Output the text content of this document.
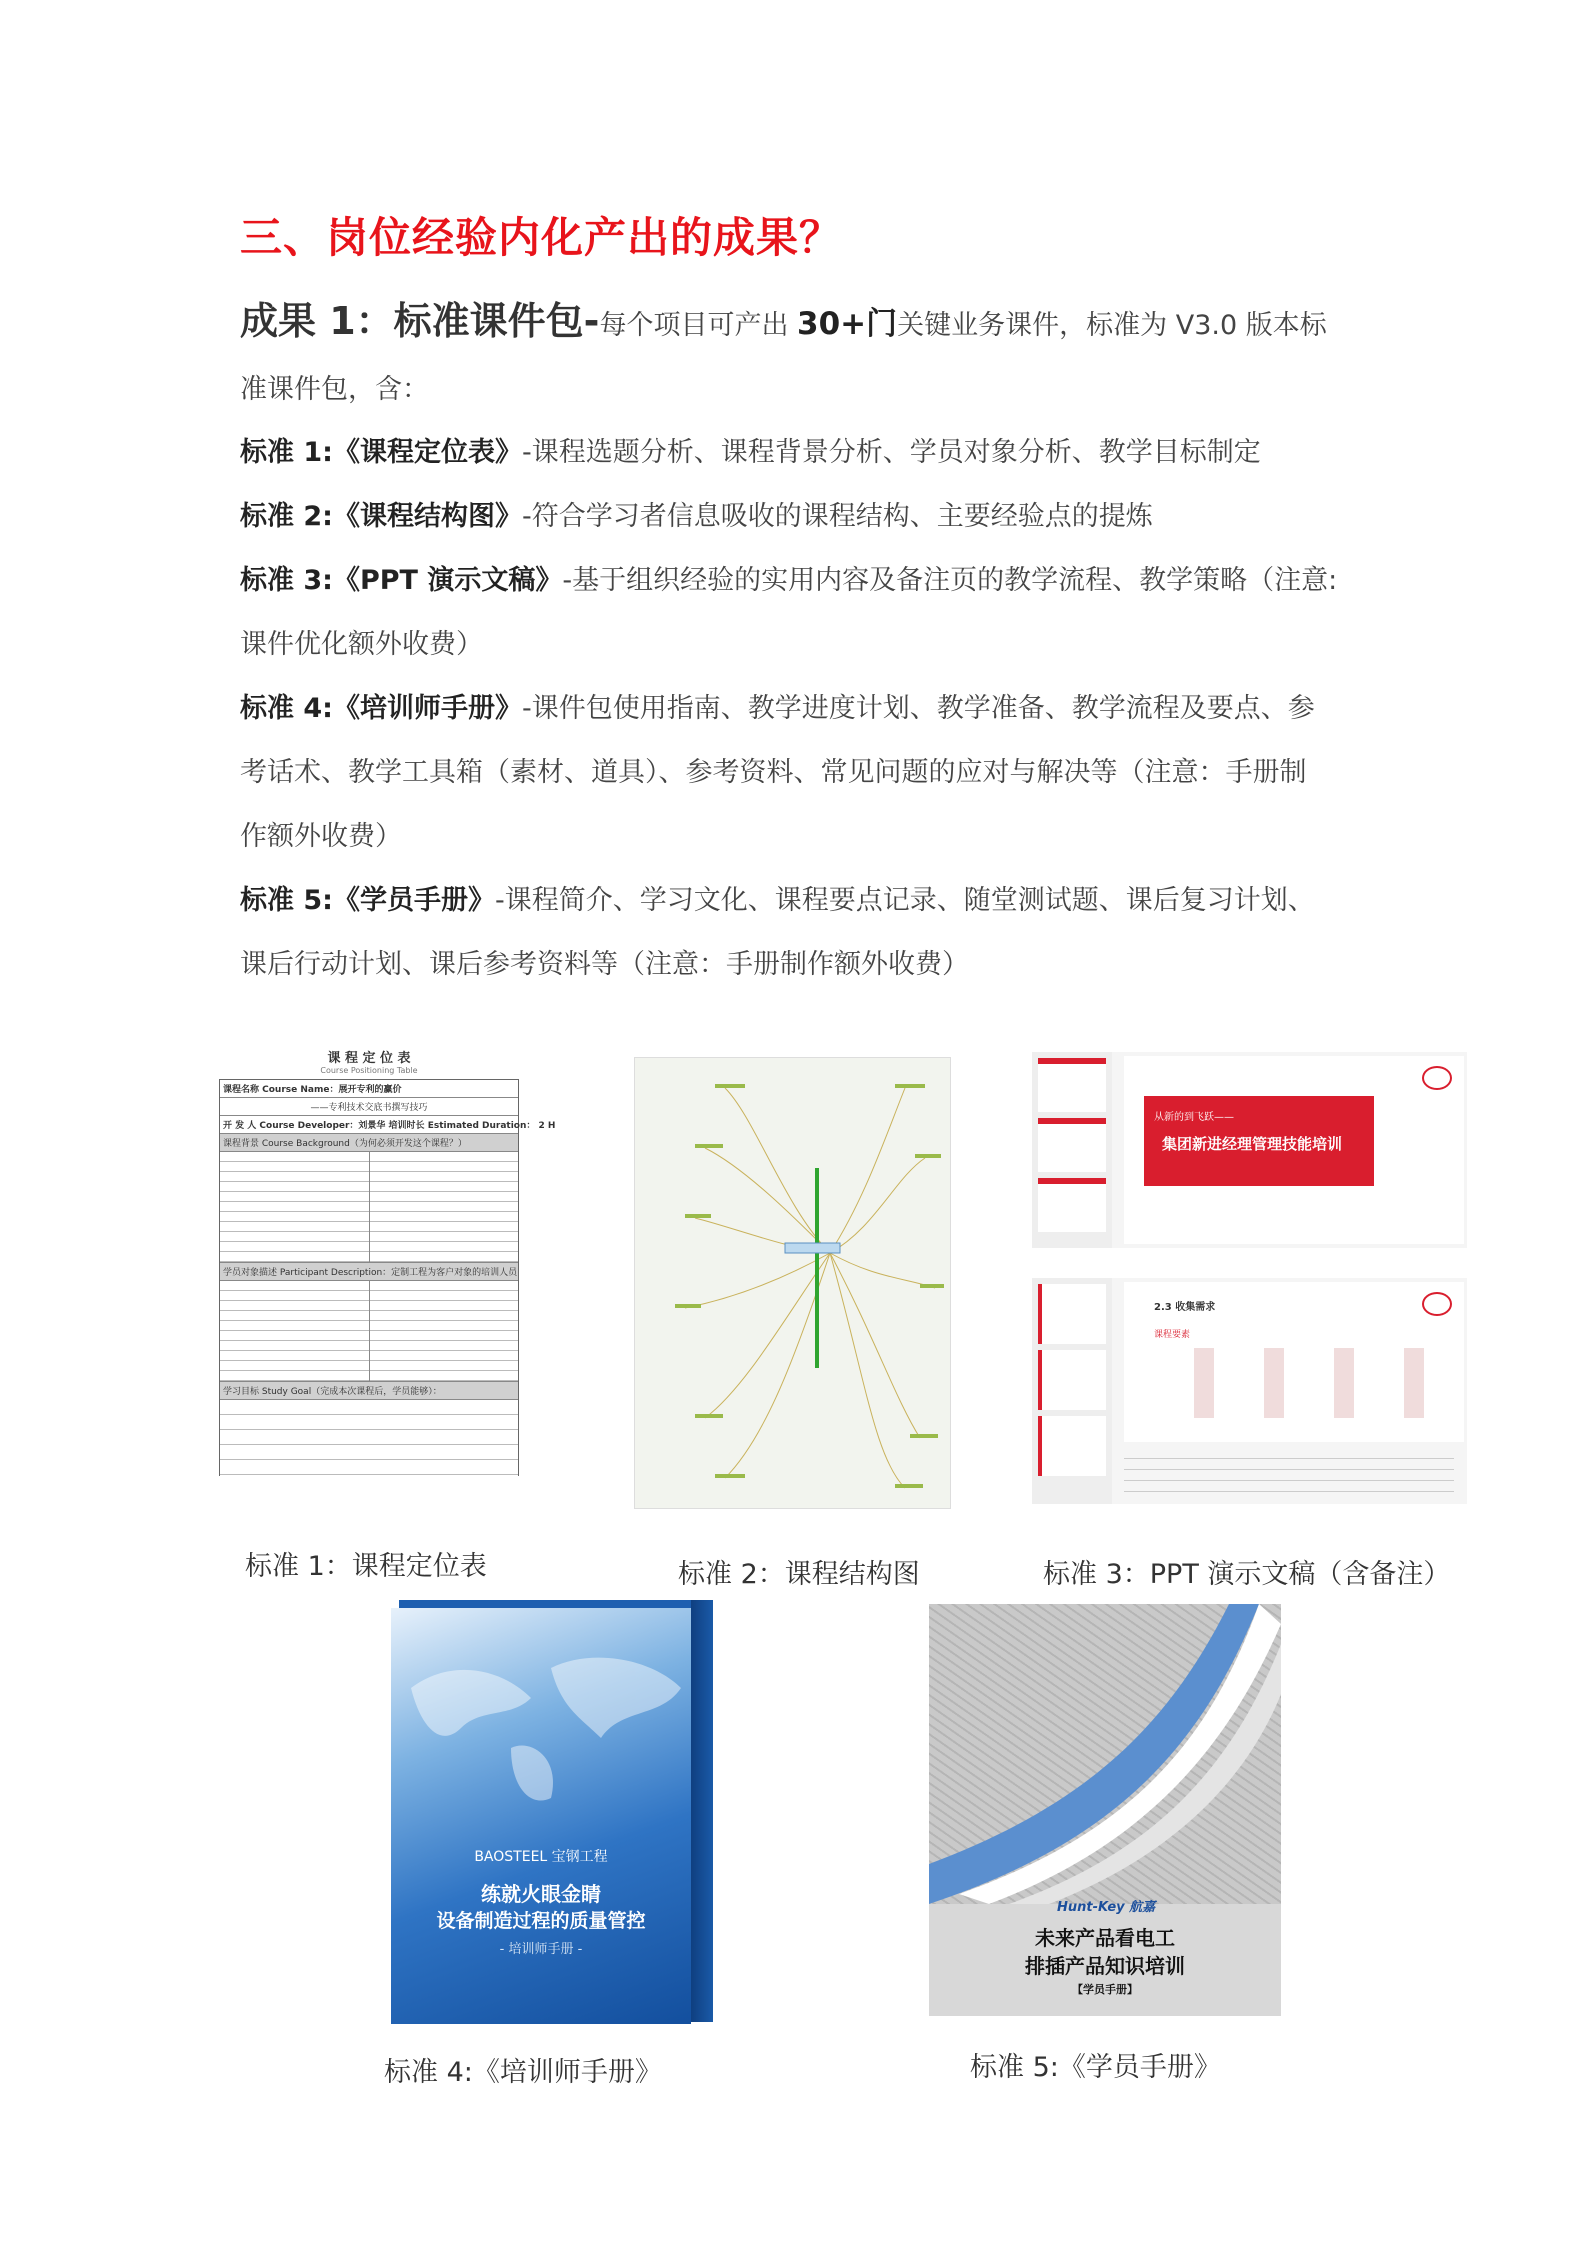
三、岗位经验内化产出的成果？
成果 1：标准课件包-每个项目可产出 30+门关键业务课件，标准为 V3.0 版本标
准课件包，含：
标准 1:《课程定位表》-课程选题分析、课程背景分析、学员对象分析、教学目标制定
标准 2:《课程结构图》-符合学习者信息吸收的课程结构、主要经验点的提炼
标准 3:《PPT 演示文稿》-基于组织经验的实用内容及备注页的教学流程、教学策略（注意:
课件优化额外收费）
标准 4:《培训师手册》-课件包使用指南、教学进度计划、教学准备、教学流程及要点、参
考话术、教学工具箱（素材、道具）、参考资料、常见问题的应对与解决等（注意：手册制
作额外收费）
标准 5:《学员手册》-课程简介、学习文化、课程要点记录、随堂测试题、课后复习计划、
课后行动计划、课后参考资料等（注意：手册制作额外收费）
课 程 定 位 表
Course Positioning Table
课程名称 Course Name：展开专利的赢价
——专利技术交底书撰写技巧
开 发 人 Course Developer：刘景华 培训时长 Estimated Duration： 2 H
课程背景 Course Background（为何必须开发这个课程？）
学员对象描述 Participant Description：定制工程为客户对象的培训人员
学习目标 Study Goal（完成本次课程后，学员能够）：
从新的到飞跃——
集团新进经理管理技能培训
2.3 收集需求
课程要素
标准 1：课程定位表	标准 2：课程结构图	标准 3：PPT 演示文稿（含备注）
BAOSTEEL 宝钢工程
练就火眼金睛
设备制造过程的质量管控
- 培训师手册 -
Hunt-Key 航嘉
未来产品看电工
排插产品知识培训
【学员手册】
标准 4:《培训师手册》	标准 5:《学员手册》
